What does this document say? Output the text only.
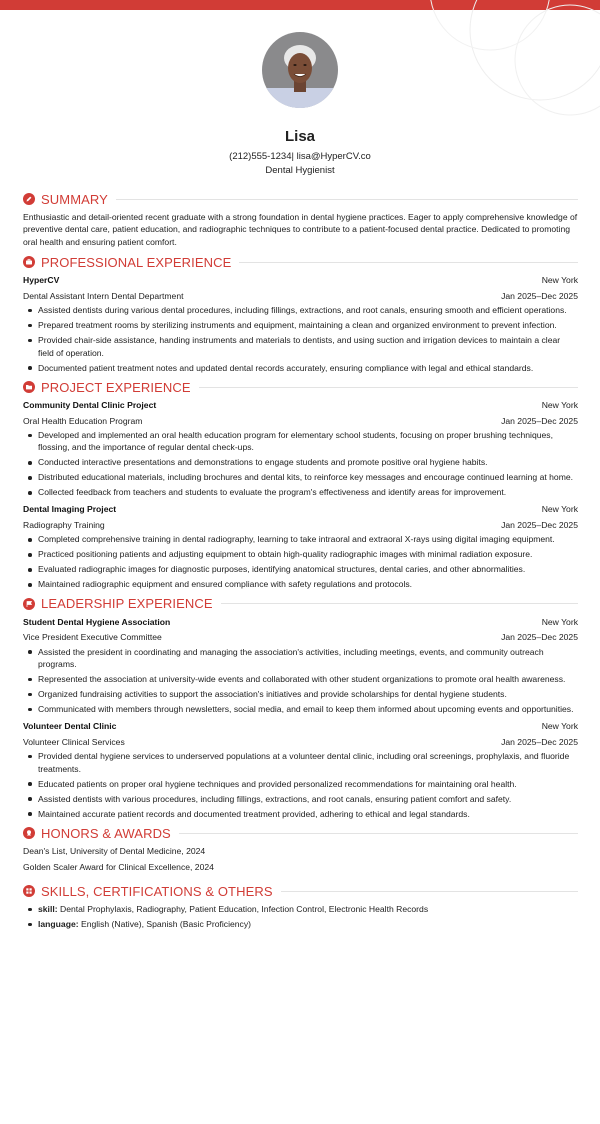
Lisa
(212)555-1234| lisa@HyperCV.co
Dental Hygienist
SUMMARY

Enthusiastic and detail-oriented recent graduate with a strong foundation in dental hygiene practices. Eager to apply comprehensive knowledge of preventive dental care, patient education, and radiographic techniques to contribute to a patient-focused dental practice. Dedicated to promoting oral health and ensuring patient comfort.

PROFESSIONAL EXPERIENCE
HyperCV	New York
Dental Assistant Intern Dental Department	Jan 2025–Dec 2025
Assisted dentists during various dental procedures, including fillings, extractions, and root canals, ensuring smooth and efficient operations.
Prepared treatment rooms by sterilizing instruments and equipment, maintaining a clean and organized environment to prevent infection.
Provided chair-side assistance, handing instruments and materials to dentists, and using suction and irrigation devices to maintain a clear field of operation.
Documented patient treatment notes and updated dental records accurately, ensuring compliance with legal and ethical standards.
PROJECT EXPERIENCE
Community Dental Clinic Project	New York
Oral Health Education Program	Jan 2025–Dec 2025
Developed and implemented an oral health education program for elementary school students, focusing on proper brushing techniques, flossing, and the importance of regular dental check-ups.
Conducted interactive presentations and demonstrations to engage students and promote positive oral hygiene habits.
Distributed educational materials, including brochures and dental kits, to reinforce key messages and encourage continued learning at home.
Collected feedback from teachers and students to evaluate the program's effectiveness and identify areas for improvement.
Dental Imaging Project	New York
Radiography Training	Jan 2025–Dec 2025
Completed comprehensive training in dental radiography, learning to take intraoral and extraoral X-rays using digital imaging equipment.
Practiced positioning patients and adjusting equipment to obtain high-quality radiographic images with minimal radiation exposure.
Evaluated radiographic images for diagnostic purposes, identifying anatomical structures, dental caries, and other abnormalities.
Maintained radiographic equipment and ensured compliance with safety regulations and protocols.
LEADERSHIP EXPERIENCE
Student Dental Hygiene Association	New York
Vice President Executive Committee	Jan 2025–Dec 2025
Assisted the president in coordinating and managing the association's activities, including meetings, events, and community outreach programs.
Represented the association at university-wide events and collaborated with other student organizations to promote oral health awareness.
Organized fundraising activities to support the association's initiatives and provide scholarships for dental hygiene students.
Communicated with members through newsletters, social media, and email to keep them informed about upcoming events and opportunities.
Volunteer Dental Clinic	New York
Volunteer Clinical Services	Jan 2025–Dec 2025
Provided dental hygiene services to underserved populations at a volunteer dental clinic, including oral screenings, prophylaxis, and fluoride treatments.
Educated patients on proper oral hygiene techniques and provided personalized recommendations for maintaining oral health.
Assisted dentists with various procedures, including fillings, extractions, and root canals, ensuring patient comfort and safety.
Maintained accurate patient records and documented treatment provided, adhering to ethical and legal standards.
HONORS & AWARDS
Dean's List, University of Dental Medicine, 2024
Golden Scaler Award for Clinical Excellence, 2024
SKILLS, CERTIFICATIONS & OTHERS
skill: Dental Prophylaxis, Radiography, Patient Education, Infection Control, Electronic Health Records
language: English (Native), Spanish (Basic Proficiency)
